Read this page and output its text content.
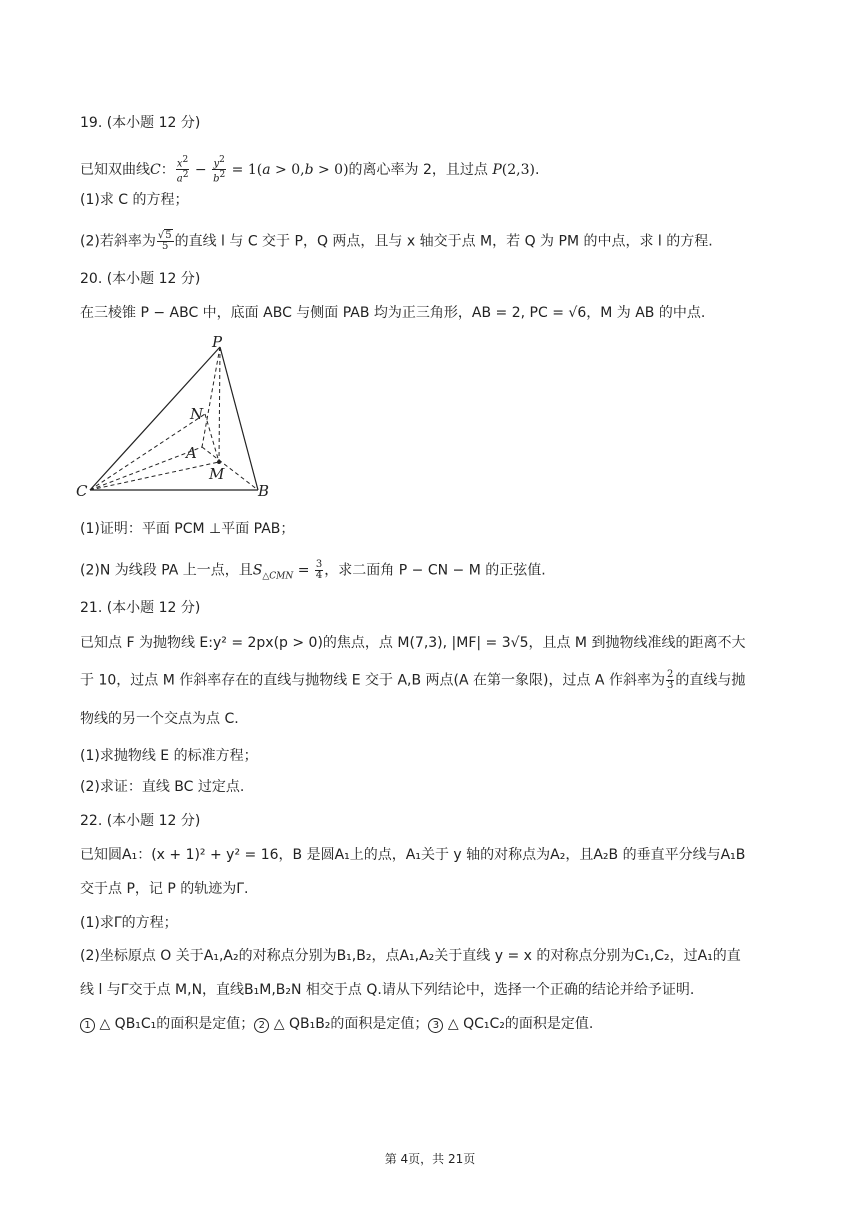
19. (本小题 12 分)
已知双曲线C： $\frac{x^2}{a^2} - \frac{y^2}{b^2} = 1(a > 0,b > 0)$的离心率为 2，且过点 P(2,3).
(1)求 C 的方程；
(2)若斜率为 $\frac{√5}{5}$ 的直线 l 与 C 交于 P，Q 两点，且与 x 轴交于点 M，若 Q 为 PM 的中点，求 l 的方程.
20. (本小题 12 分)
在三棱锥 P − ABC 中，底面 ABC 与侧面 PAB 均为正三角形，AB = 2, PC = √6，M 为 AB 的中点.
P
N
A
M
C	B
(1)证明：平面 PCM ⊥平面 PAB；
(2)N 为线段 PA 上一点，且$S_{\triangle CMN} = \frac{3}{4}$ ，求二面角 P − CN − M 的正弦值.
21. (本小题 12 分)
已知点 F 为抛物线 E:y² = 2px(p > 0)的焦点，点 M(7,3), |MF| = 3√5，且点 M 到抛物线准线的距离不大
于 10，过点 M 作斜率存在的直线与抛物线 E 交于 A,B 两点(A 在第一象限)，过点 A 作斜率为 $\frac{2}{3}$ 的直线与抛
物线的另一个交点为点 C.
(1)求抛物线 E 的标准方程；
(2)求证：直线 BC 过定点.
22. (本小题 12 分)
已知圆A₁：(x + 1)² + y² = 16，B 是圆A₁上的点，A₁关于 y 轴的对称点为A₂，且A₂B 的垂直平分线与A₁B
交于点 P，记 P 的轨迹为Γ.
(1)求Γ的方程；
(2)坐标原点 O 关于A₁,A₂的对称点分别为B₁,B₂，点A₁,A₂关于直线 y = x 的对称点分别为C₁,C₂，过A₁的直
线 l 与Γ交于点 M,N，直线B₁M,B₂N 相交于点 Q.请从下列结论中，选择一个正确的结论并给予证明.
1 △ QB₁C₁的面积是定值； 2 △ QB₁B₂的面积是定值； 3 △ QC₁C₂的面积是定值.
第 4页，共 21页
